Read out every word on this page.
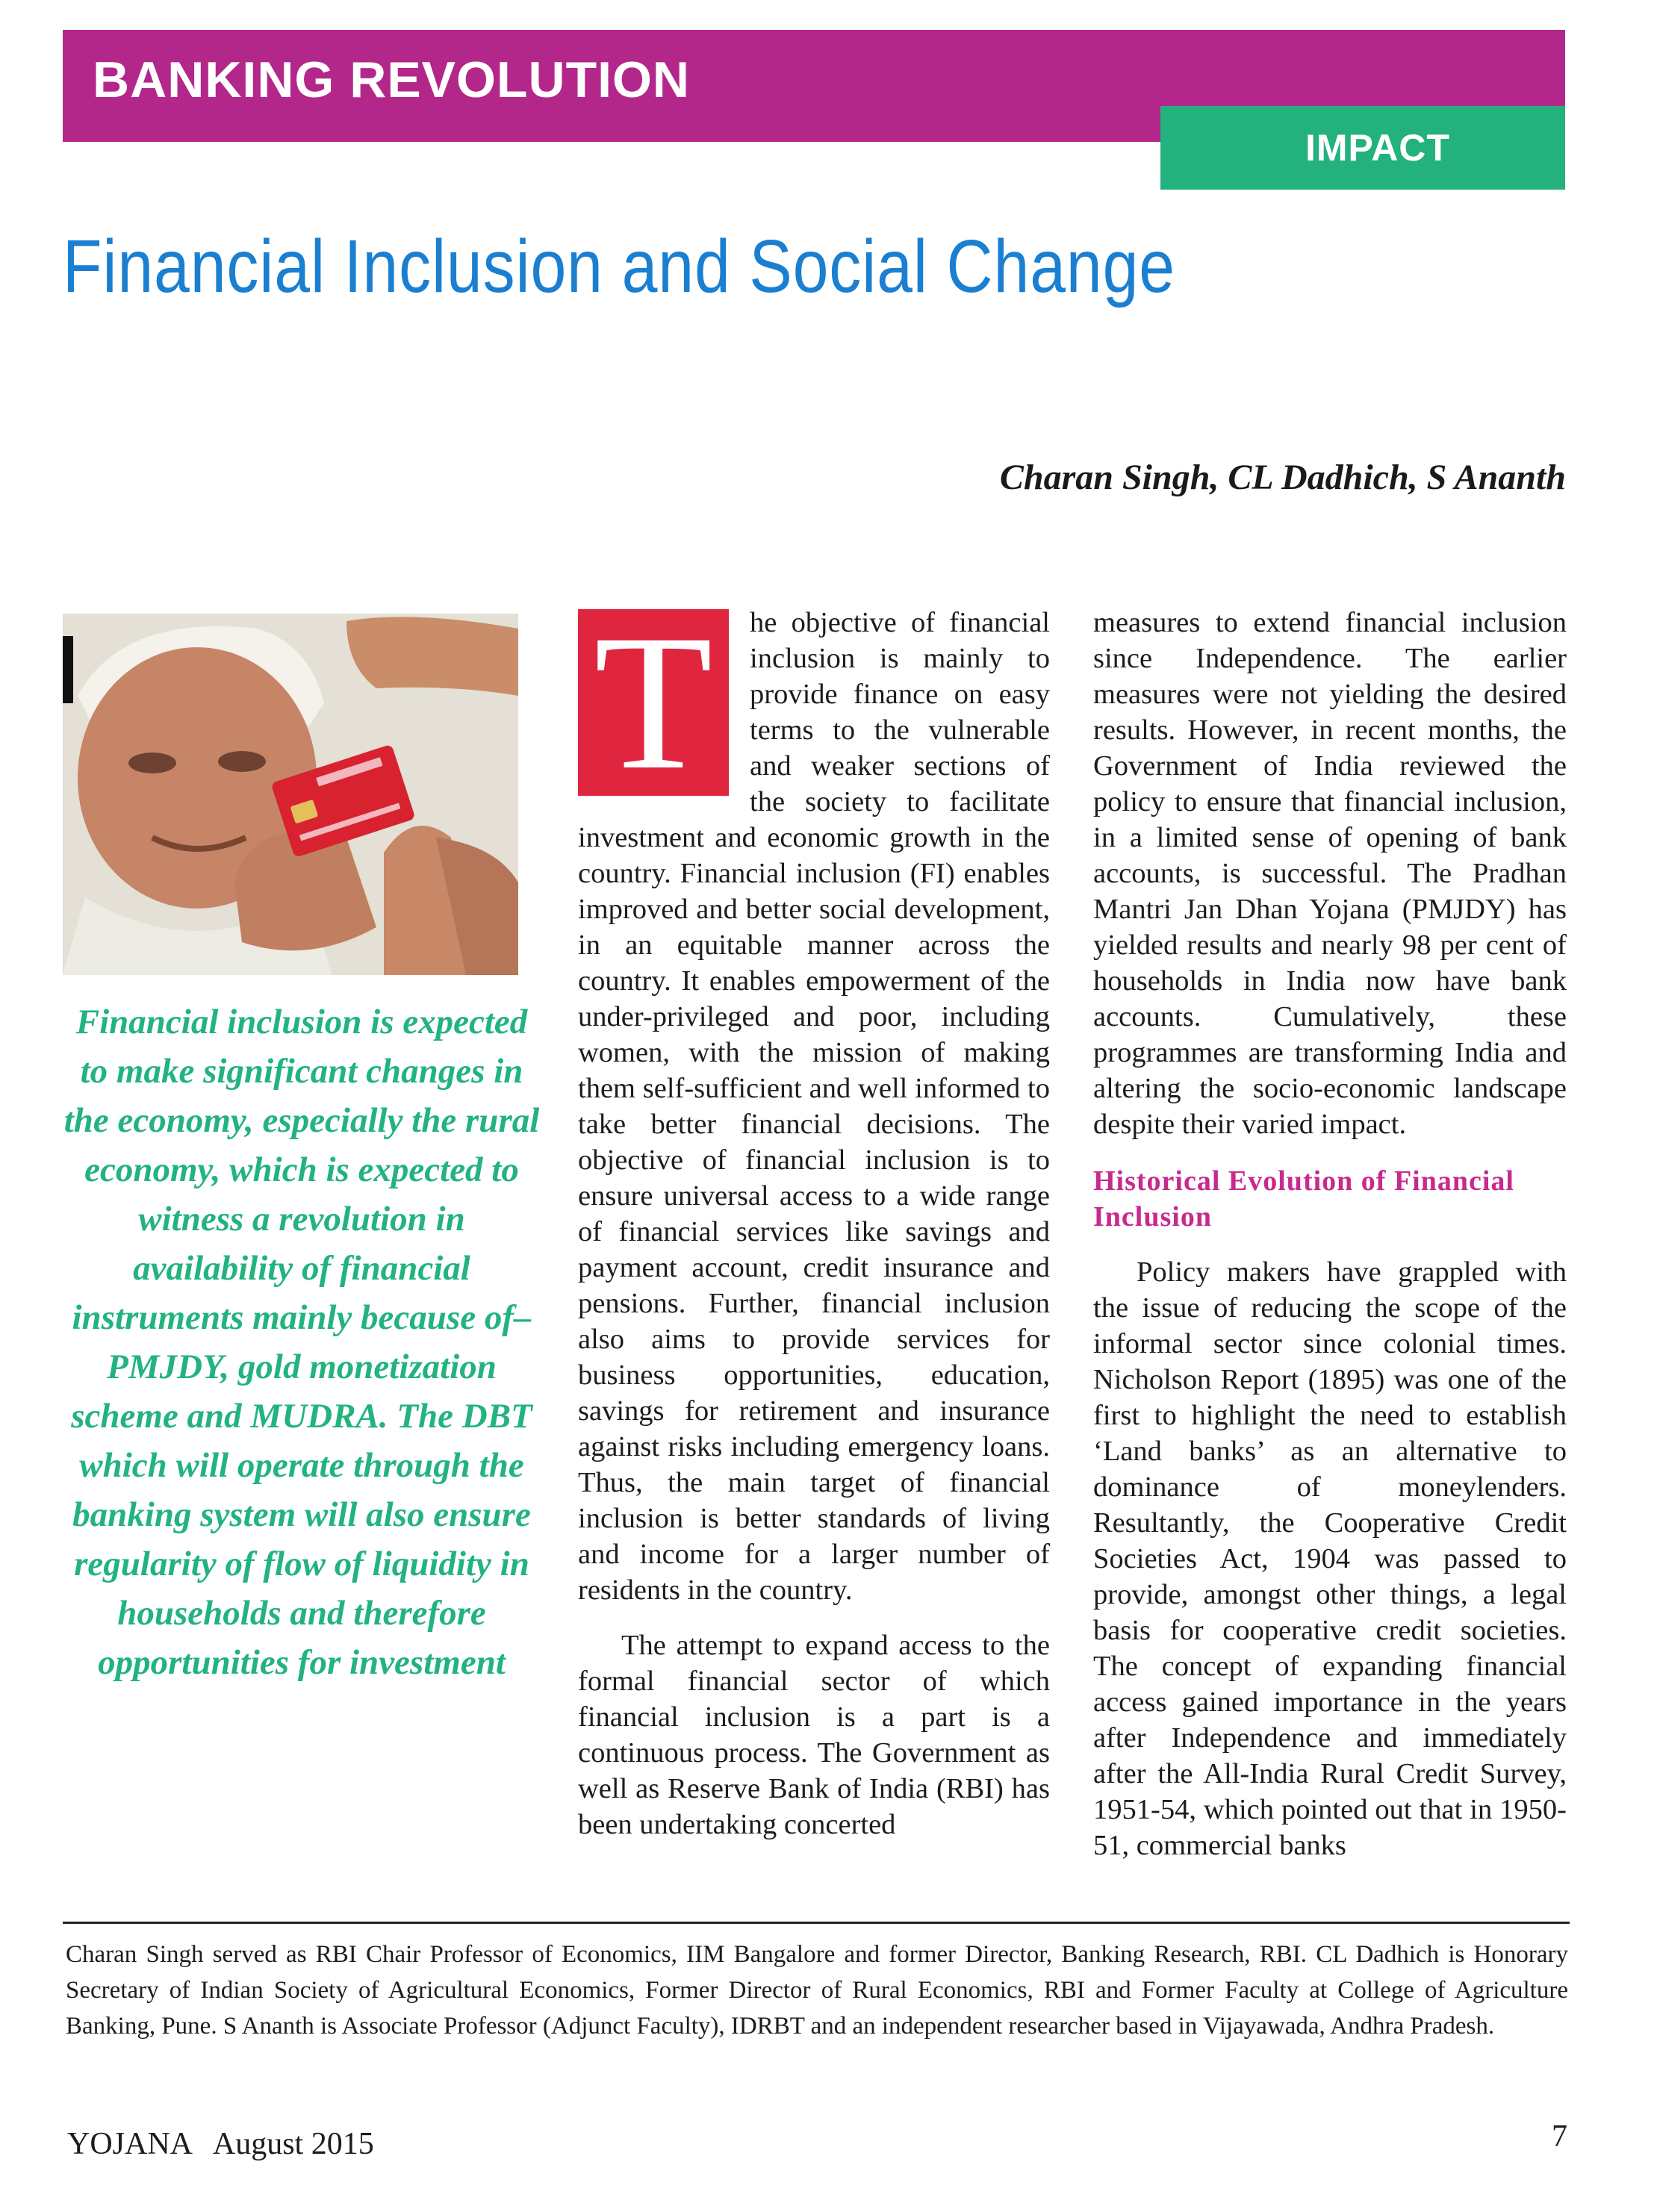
BANKING REVOLUTION
IMPACT
Financial Inclusion and Social Change

Charan Singh, CL Dadhich, S Ananth

Financial inclusion is expected to make significant changes in the economy, especially the rural economy, which is expected to witness a revolution in availability of financial instruments mainly because of– PMJDY, gold monetization scheme and MUDRA. The DBT which will operate through the banking system will also ensure regularity of flow of liquidity in households and therefore opportunities for investment

T	he objective of financial inclusion is mainly to provide finance on easy terms to the vulnerable and weaker sections of the society to facilitate investment and economic growth in the country. Financial inclusion (FI) enables improved and better social development, in an equitable manner across the country. It enables empowerment of the under-privileged and poor, including women, with the mission of making them self-sufficient and well informed to take better financial decisions. The objective of financial inclusion is to ensure universal access to a wide range of financial services like savings and payment account, credit insurance and pensions. Further, financial inclusion also aims to provide services for business opportunities, education, savings for retirement and insurance against risks including emergency loans. Thus, the main target of financial inclusion is better standards of living and income for a larger number of residents in the country.

The attempt to expand access to the formal financial sector of which financial inclusion is a part is a continuous process. The Government as well as Reserve Bank of India (RBI) has been undertaking concerted

measures to extend financial inclusion since Independence. The earlier measures were not yielding the desired results. However, in recent months, the Government of India reviewed the policy to ensure that financial inclusion, in a limited sense of opening of bank accounts, is successful. The Pradhan Mantri Jan Dhan Yojana (PMJDY) has yielded results and nearly 98 per cent of households in India now have bank accounts. Cumulatively, these programmes are transforming India and altering the socio-economic landscape despite their varied impact.

Historical Evolution of Financial Inclusion

Policy makers have grappled with the issue of reducing the scope of the informal sector since colonial times. Nicholson Report (1895) was one of the first to highlight the need to establish ‘Land banks’ as an alternative to dominance of moneylenders. Resultantly, the Cooperative Credit Societies Act, 1904 was passed to provide, amongst other things, a legal basis for cooperative credit societies. The concept of expanding financial access gained importance in the years after Independence and immediately after the All-India Rural Credit Survey, 1951-54, which pointed out that in 1950-51, commercial banks

Charan Singh served as RBI Chair Professor of Economics, IIM Bangalore and former Director, Banking Research, RBI. CL Dadhich is Honorary Secretary of Indian Society of Agricultural Economics, Former Director of Rural Economics, RBI and Former Faculty at College of Agriculture Banking, Pune. S Ananth is Associate Professor (Adjunct Faculty), IDRBT and an independent researcher based in Vijayawada, Andhra Pradesh.

YOJANA   August 2015	7
